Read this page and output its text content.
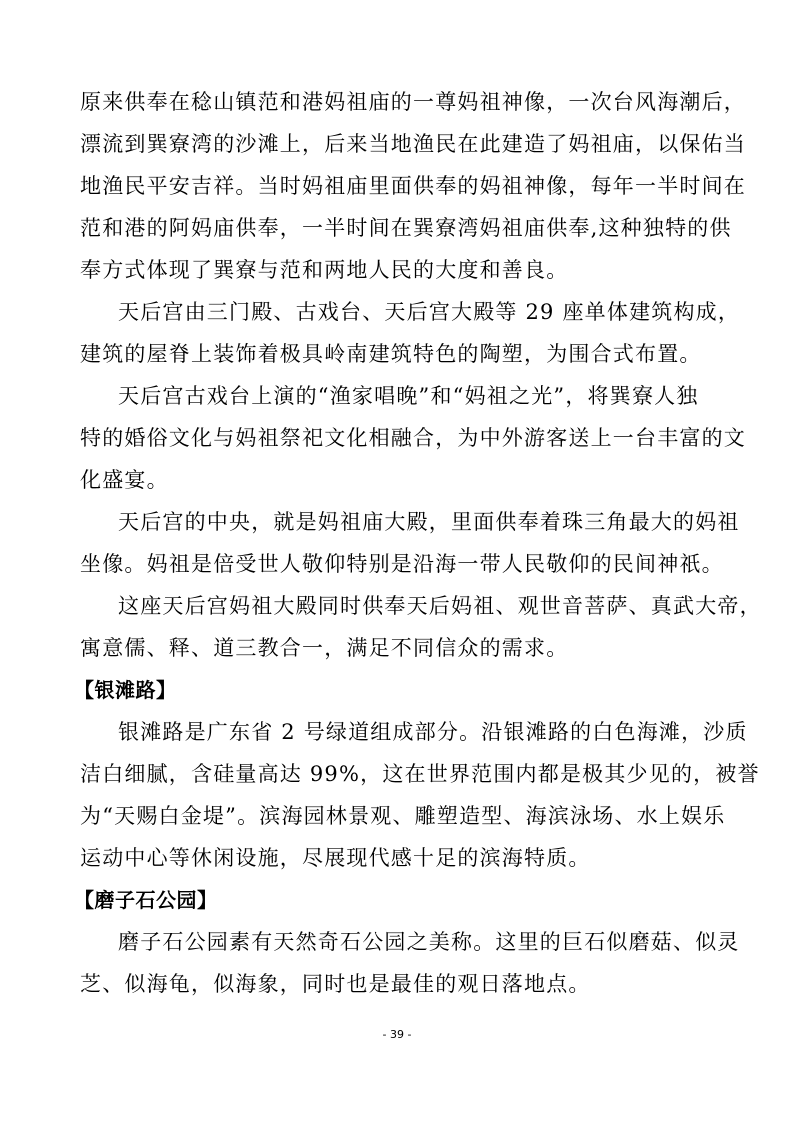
原来供奉在稔山镇范和港妈祖庙的一尊妈祖神像，一次台风海潮后，
漂流到巽寮湾的沙滩上，后来当地渔民在此建造了妈祖庙，以保佑当
地渔民平安吉祥。当时妈祖庙里面供奉的妈祖神像，每年一半时间在
范和港的阿妈庙供奉，一半时间在巽寮湾妈祖庙供奉,这种独特的供
奉方式体现了巽寮与范和两地人民的大度和善良。
天后宫由三门殿、古戏台、天后宫大殿等 29 座单体建筑构成，
建筑的屋脊上装饰着极具岭南建筑特色的陶塑，为围合式布置。
天后宫古戏台上演的“渔家唱晚”和“妈祖之光”，将巽寮人独
特的婚俗文化与妈祖祭祀文化相融合，为中外游客送上一台丰富的文
化盛宴。
天后宫的中央，就是妈祖庙大殿，里面供奉着珠三角最大的妈祖
坐像。妈祖是倍受世人敬仰特别是沿海一带人民敬仰的民间神祇。
这座天后宫妈祖大殿同时供奉天后妈祖、观世音菩萨、真武大帝，
寓意儒、释、道三教合一，满足不同信众的需求。
【银滩路】
银滩路是广东省 2 号绿道组成部分。沿银滩路的白色海滩，沙质
洁白细腻，含硅量高达 99%，这在世界范围内都是极其少见的，被誉
为“天赐白金堤”。滨海园林景观、雕塑造型、海滨泳场、水上娱乐
运动中心等休闲设施，尽展现代感十足的滨海特质。
【磨子石公园】
磨子石公园素有天然奇石公园之美称。这里的巨石似磨菇、似灵
芝、似海龟，似海象，同时也是最佳的观日落地点。
- 39 -
